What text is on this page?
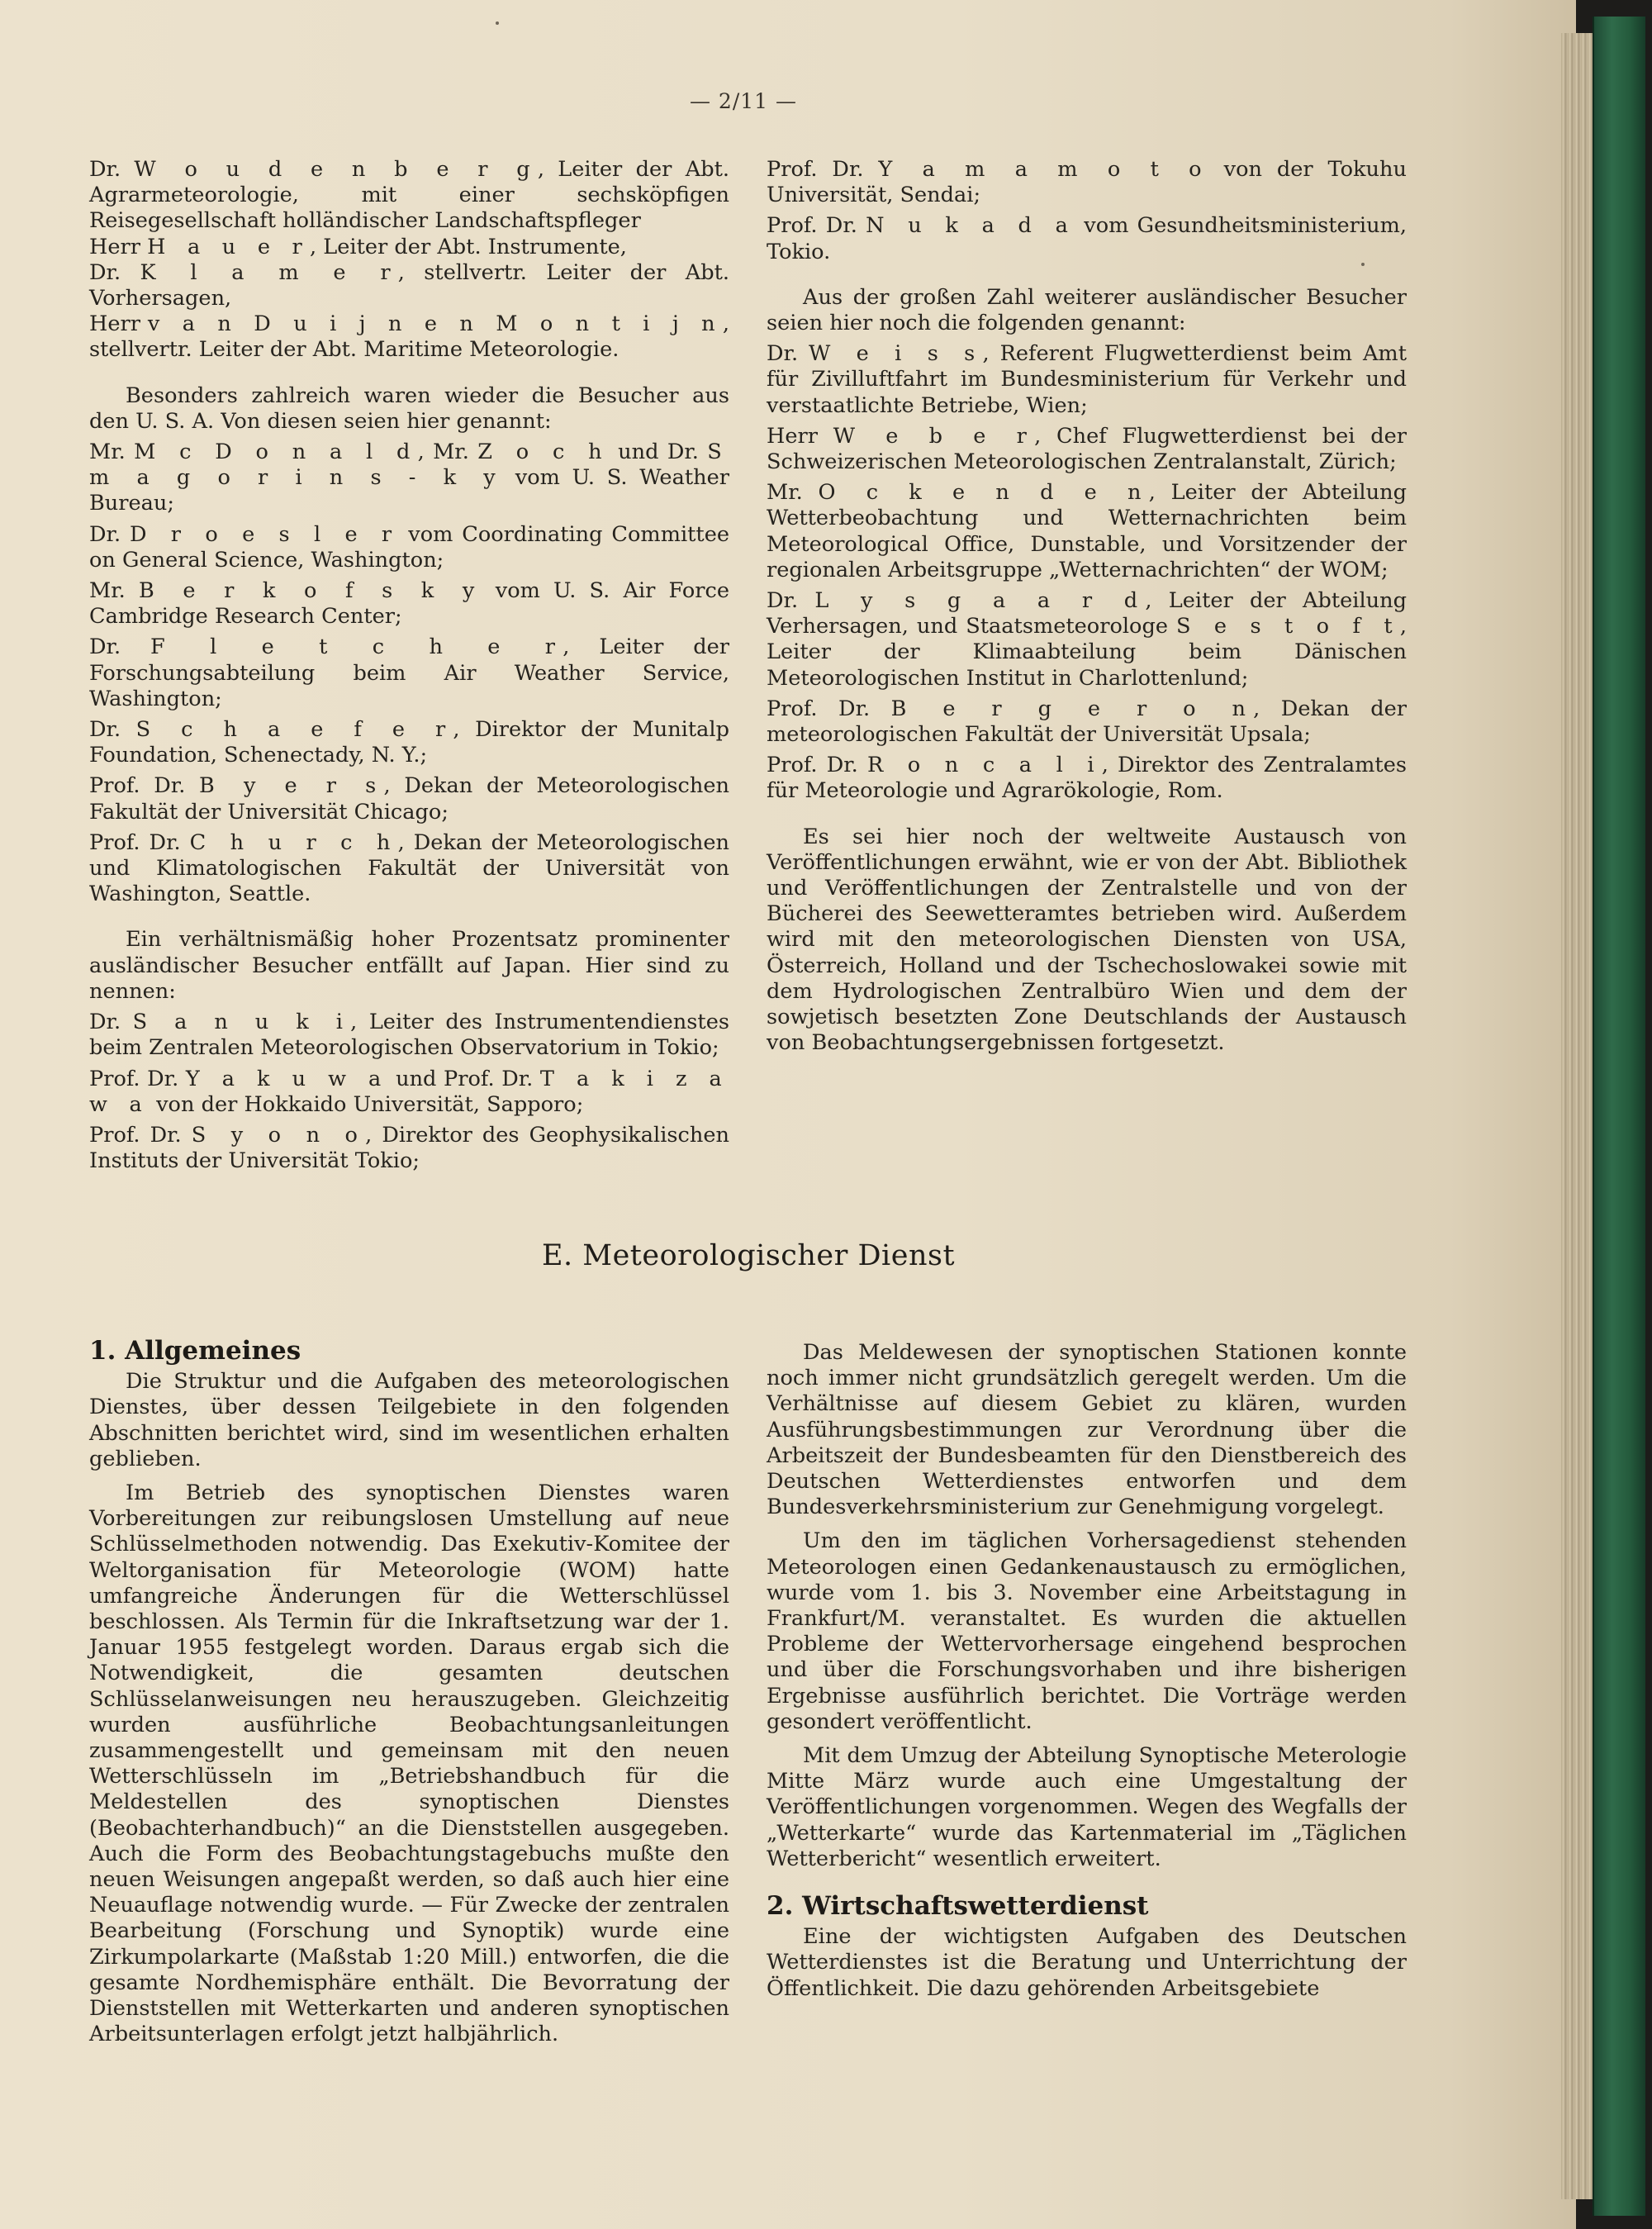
— 2/11 —

Dr. W o u d e n b e r g, Leiter der Abt. Agrarmeteorologie, mit einer sechsköpfigen Reisegesellschaft holländischer Landschaftspfleger

Herr H a u e r, Leiter der Abt. Instrumente,
Dr. K l a m e r, stellvertr. Leiter der Abt. Vorhersagen,
Herr v a n D u i j n e n M o n t i j n, stellvertr. Leiter der Abt. Maritime Meteorologie.

Besonders zahlreich waren wieder die Besucher aus den U. S. A. Von diesen seien hier genannt:

Mr. M c D o n a l d, Mr. Z o c h und Dr. S m a g o r i n s - k y vom U. S. Weather Bureau;

Dr. D r o e s l e r vom Coordinating Committee on General Science, Washington;

Mr. B e r k o f s k y vom U. S. Air Force Cambridge Research Center;

Dr. F l e t c h e r, Leiter der Forschungsabteilung beim Air Weather Service, Washington;

Dr. S c h a e f e r, Direktor der Munitalp Foundation, Schenectady, N. Y.;

Prof. Dr. B y e r s, Dekan der Meteorologischen Fakultät der Universität Chicago;

Prof. Dr. C h u r c h, Dekan der Meteorologischen und Klimatologischen Fakultät der Universität von Washington, Seattle.

Ein verhältnismäßig hoher Prozentsatz prominenter ausländischer Besucher entfällt auf Japan. Hier sind zu nennen:

Dr. S a n u k i, Leiter des Instrumentendienstes beim Zentralen Meteorologischen Observatorium in Tokio;

Prof. Dr. Y a k u w a und Prof. Dr. T a k i z a w a von der Hokkaido Universität, Sapporo;

Prof. Dr. S y o n o, Direktor des Geophysikalischen Instituts der Universität Tokio;

Prof. Dr. Y a m a m o t o von der Tokuhu Universität, Sendai;

Prof. Dr. N u k a d a vom Gesundheitsministerium, Tokio.

Aus der großen Zahl weiterer ausländischer Besucher seien hier noch die folgenden genannt:

Dr. W e i s s, Referent Flugwetterdienst beim Amt für Zivilluftfahrt im Bundesministerium für Verkehr und verstaatlichte Betriebe, Wien;

Herr W e b e r, Chef Flugwetterdienst bei der Schweizerischen Meteorologischen Zentralanstalt, Zürich;

Mr. O c k e n d e n, Leiter der Abteilung Wetterbeobachtung und Wetternachrichten beim Meteorological Office, Dunstable, und Vorsitzender der regionalen Arbeitsgruppe „Wetternachrichten“ der WOM;

Dr. L y s g a a r d, Leiter der Abteilung Verhersagen, und Staatsmeteorologe S e s t o f t, Leiter der Klimaabteilung beim Dänischen Meteorologischen Institut in Charlottenlund;

Prof. Dr. B e r g e r o n, Dekan der meteorologischen Fakultät der Universität Upsala;

Prof. Dr. R o n c a l i, Direktor des Zentralamtes für Meteorologie und Agrarökologie, Rom.

Es sei hier noch der weltweite Austausch von Veröffentlichungen erwähnt, wie er von der Abt. Bibliothek und Veröffentlichungen der Zentralstelle und von der Bücherei des Seewetteramtes betrieben wird. Außerdem wird mit den meteorologischen Diensten von USA, Österreich, Holland und der Tschechoslowakei sowie mit dem Hydrologischen Zentralbüro Wien und dem der sowjetisch besetzten Zone Deutschlands der Austausch von Beobachtungsergebnissen fortgesetzt.

E. Meteorologischer Dienst

1. Allgemeines

Die Struktur und die Aufgaben des meteorologischen Dienstes, über dessen Teilgebiete in den folgenden Abschnitten berichtet wird, sind im wesentlichen erhalten geblieben.

Im Betrieb des synoptischen Dienstes waren Vorbereitungen zur reibungslosen Umstellung auf neue Schlüsselmethoden notwendig. Das Exekutiv-Komitee der Weltorganisation für Meteorologie (WOM) hatte umfangreiche Änderungen für die Wetterschlüssel beschlossen. Als Termin für die Inkraftsetzung war der 1. Januar 1955 festgelegt worden. Daraus ergab sich die Notwendigkeit, die gesamten deutschen Schlüsselanweisungen neu herauszugeben. Gleichzeitig wurden ausführliche Beobachtungsanleitungen zusammengestellt und gemeinsam mit den neuen Wetterschlüsseln im „Betriebshandbuch für die Meldestellen des synoptischen Dienstes (Beobachterhandbuch)“ an die Dienststellen ausgegeben. Auch die Form des Beobachtungstagebuchs mußte den neuen Weisungen angepaßt werden, so daß auch hier eine Neuauflage notwendig wurde. — Für Zwecke der zentralen Bearbeitung (Forschung und Synoptik) wurde eine Zirkumpolarkarte (Maßstab 1:20 Mill.) entworfen, die die gesamte Nordhemisphäre enthält. Die Bevorratung der Dienststellen mit Wetterkarten und anderen synoptischen Arbeitsunterlagen erfolgt jetzt halbjährlich.

Das Meldewesen der synoptischen Stationen konnte noch immer nicht grundsätzlich geregelt werden. Um die Verhältnisse auf diesem Gebiet zu klären, wurden Ausführungsbestimmungen zur Verordnung über die Arbeitszeit der Bundesbeamten für den Dienstbereich des Deutschen Wetterdienstes entworfen und dem Bundesverkehrsministerium zur Genehmigung vorgelegt.

Um den im täglichen Vorhersagedienst stehenden Meteorologen einen Gedankenaustausch zu ermöglichen, wurde vom 1. bis 3. November eine Arbeitstagung in Frankfurt/M. veranstaltet. Es wurden die aktuellen Probleme der Wettervorhersage eingehend besprochen und über die Forschungsvorhaben und ihre bisherigen Ergebnisse ausführlich berichtet. Die Vorträge werden gesondert veröffentlicht.

Mit dem Umzug der Abteilung Synoptische Meterologie Mitte März wurde auch eine Umgestaltung der Veröffentlichungen vorgenommen. Wegen des Wegfalls der „Wetterkarte“ wurde das Kartenmaterial im „Täglichen Wetterbericht“ wesentlich erweitert.

2. Wirtschaftswetterdienst

Eine der wichtigsten Aufgaben des Deutschen Wetterdienstes ist die Beratung und Unterrichtung der Öffentlichkeit. Die dazu gehörenden Arbeitsgebiete
